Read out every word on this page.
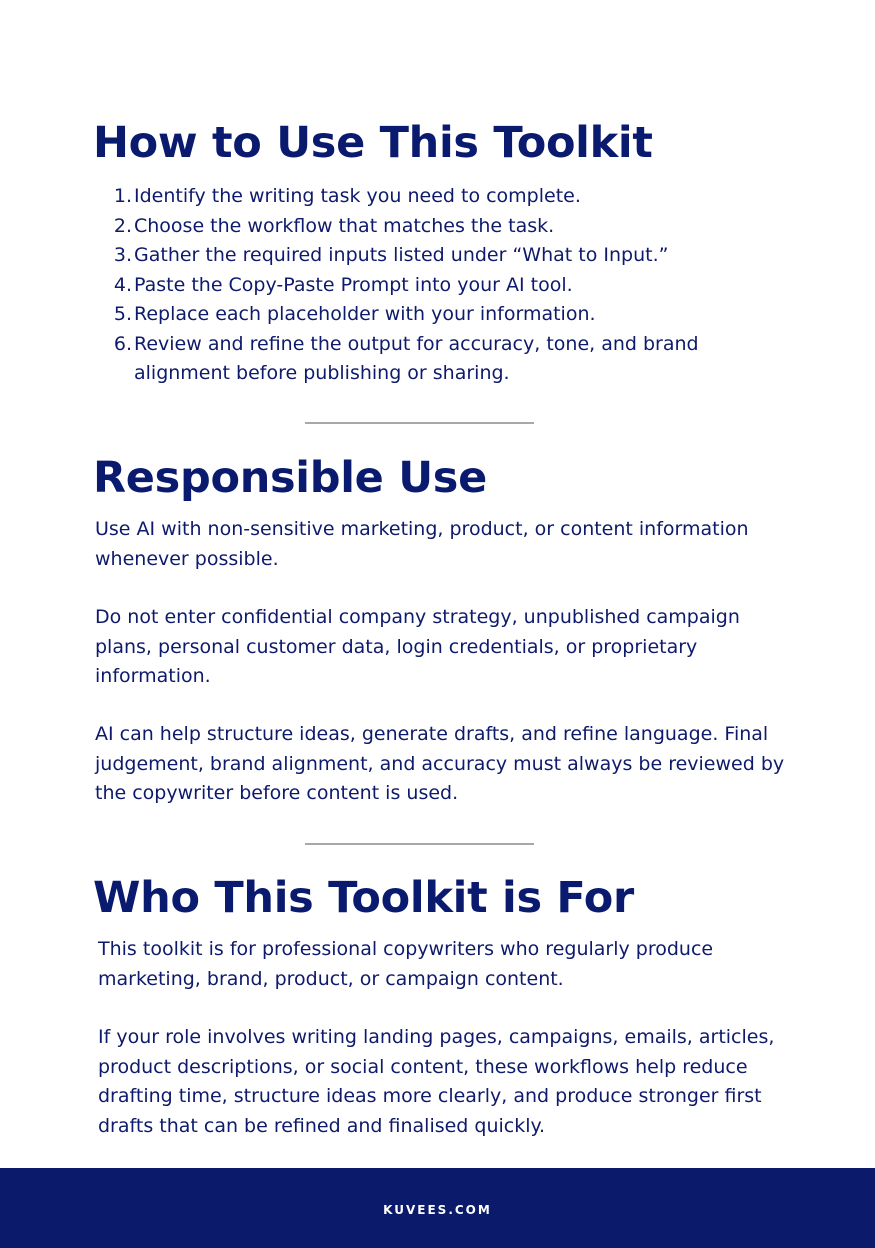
How to Use This Toolkit
1. Identify the writing task you need to complete.
2. Choose the workflow that matches the task.
3. Gather the required inputs listed under “What to Input.”
4. Paste the Copy-Paste Prompt into your AI tool.
5. Replace each placeholder with your information.
6. Review and refine the output for accuracy, tone, and brand alignment before publishing or sharing.
Responsible Use

Use AI with non-sensitive marketing, product, or content information whenever possible.

Do not enter confidential company strategy, unpublished campaign plans, personal customer data, login credentials, or proprietary information.

AI can help structure ideas, generate drafts, and refine language. Final judgement, brand alignment, and accuracy must always be reviewed by the copywriter before content is used.

Who This Toolkit is For

This toolkit is for professional copywriters who regularly produce marketing, brand, product, or campaign content.

If your role involves writing landing pages, campaigns, emails, articles, product descriptions, or social content, these workflows help reduce drafting time, structure ideas more clearly, and produce stronger first drafts that can be refined and finalised quickly.

KUVEES.COM
